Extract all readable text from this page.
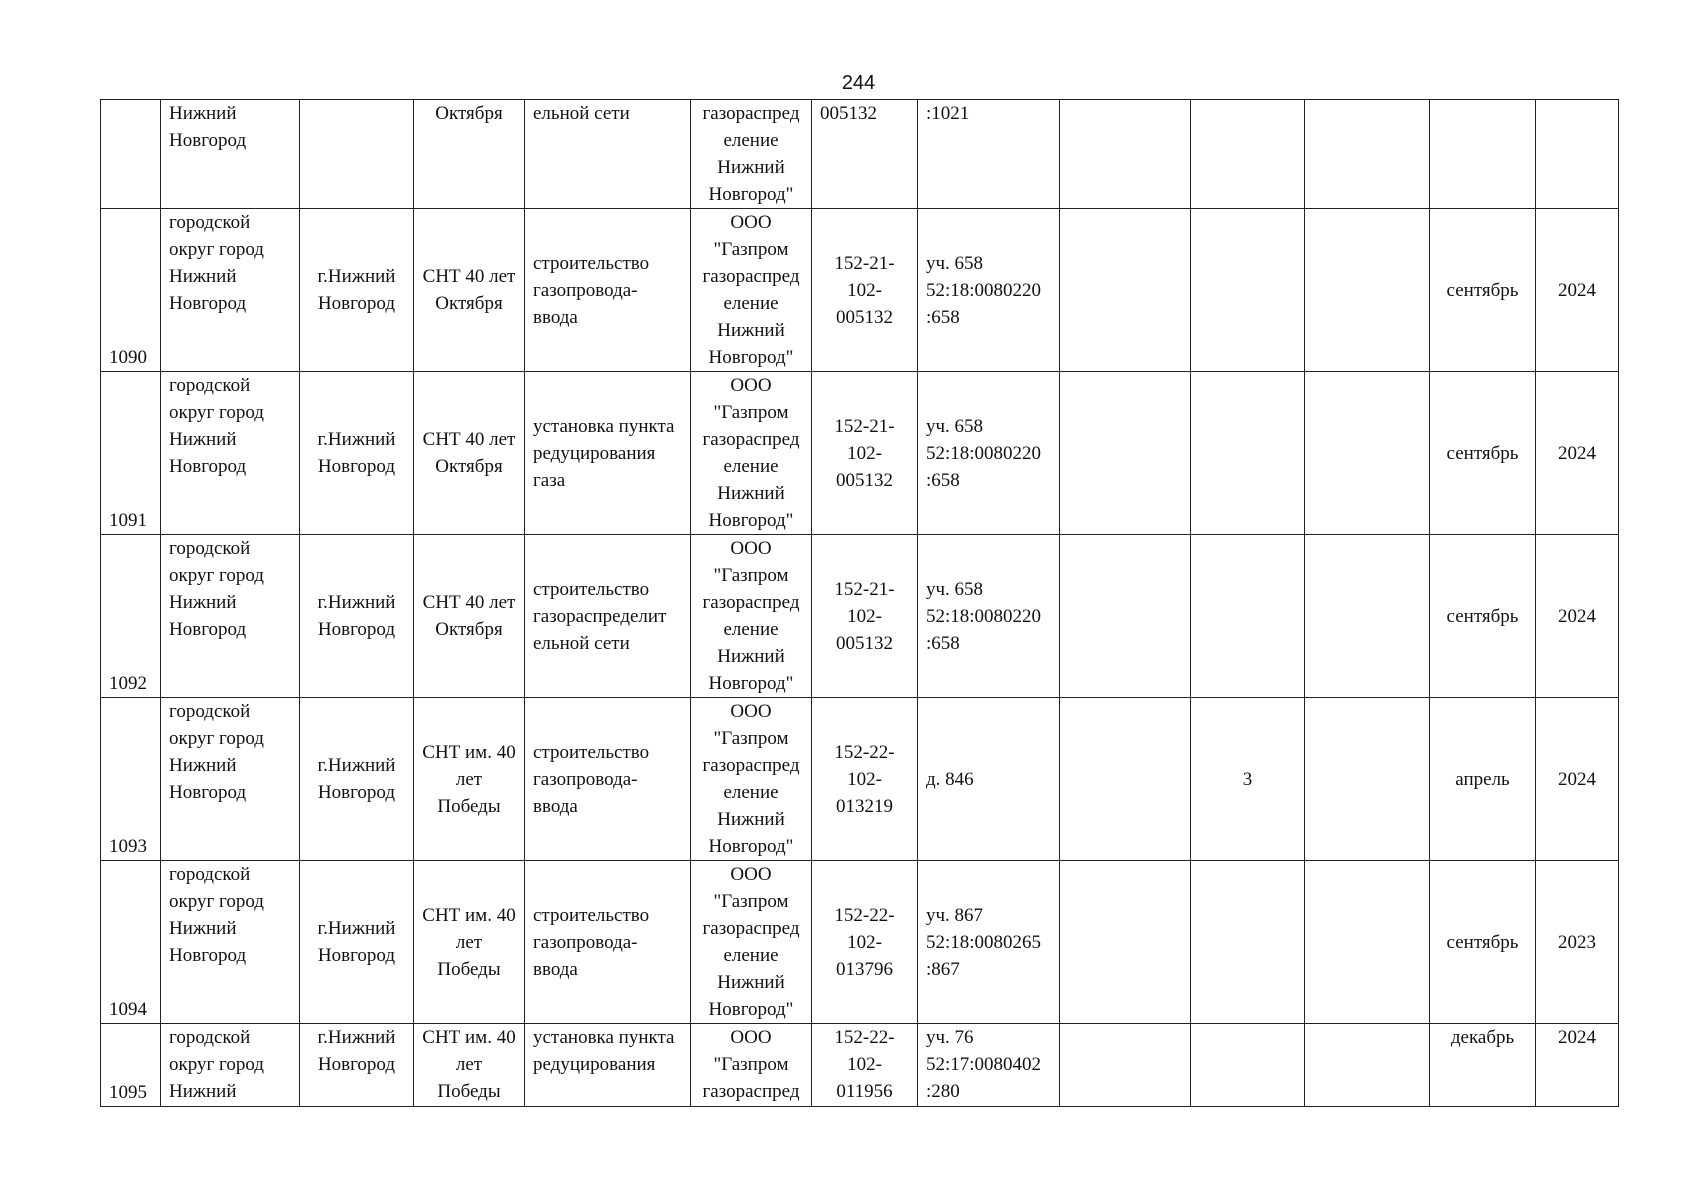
244
	Нижний Новгород		Октября	ельной сети	газораспред еление Нижний Новгород"	005132	:1021					
1090	городской округ город Нижний Новгород	г.Нижний Новгород	СНТ 40 лет Октября	строительство газопровода-ввода	ООО "Газпром газораспред еление Нижний Новгород"	152-21-102-005132	уч. 658 52:18:0080220 :658				сентябрь	2024
1091	городской округ город Нижний Новгород	г.Нижний Новгород	СНТ 40 лет Октября	установка пункта редуцирования газа	ООО "Газпром газораспред еление Нижний Новгород"	152-21-102-005132	уч. 658 52:18:0080220 :658				сентябрь	2024
1092	городской округ город Нижний Новгород	г.Нижний Новгород	СНТ 40 лет Октября	строительство газораспределит ельной сети	ООО "Газпром газораспред еление Нижний Новгород"	152-21-102-005132	уч. 658 52:18:0080220 :658				сентябрь	2024
1093	городской округ город Нижний Новгород	г.Нижний Новгород	СНТ им. 40 лет Победы	строительство газопровода-ввода	ООО "Газпром газораспред еление Нижний Новгород"	152-22-102-013219	д. 846		3		апрель	2024
1094	городской округ город Нижний Новгород	г.Нижний Новгород	СНТ им. 40 лет Победы	строительство газопровода-ввода	ООО "Газпром газораспред еление Нижний Новгород"	152-22-102-013796	уч. 867 52:18:0080265 :867				сентябрь	2023
1095	городской округ город Нижний	г.Нижний Новгород	СНТ им. 40 лет Победы	установка пункта редуцирования	ООО "Газпром газораспред	152-22-102-011956	уч. 76 52:17:0080402 :280				декабрь	2024
